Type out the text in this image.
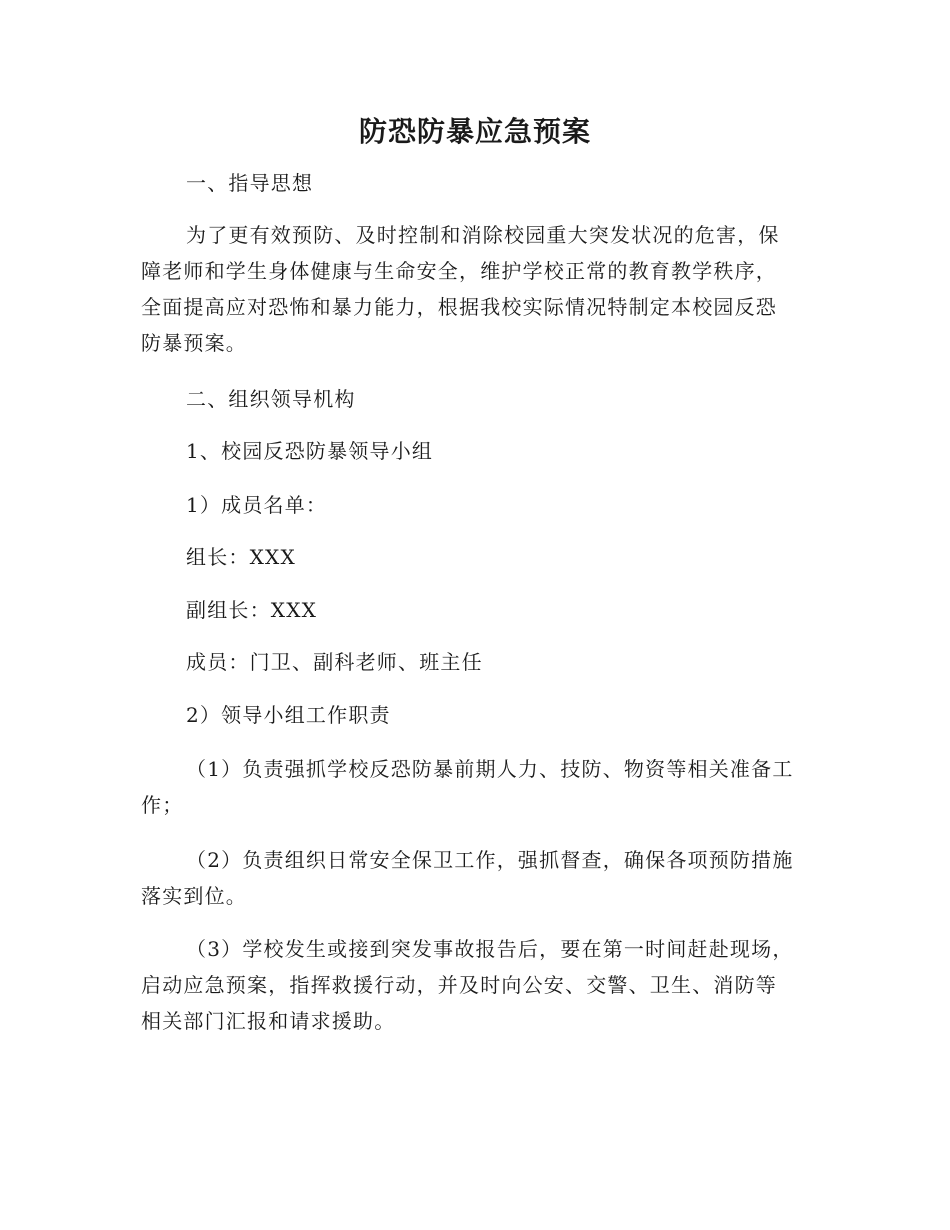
防恐防暴应急预案
一、指导思想
为了更有效预防、及时控制和消除校园重大突发状况的危害，保
障老师和学生身体健康与生命安全，维护学校正常的教育教学秩序，
全面提高应对恐怖和暴力能力，根据我校实际情况特制定本校园反恐
防暴预案。
二、组织领导机构
1、校园反恐防暴领导小组
1）成员名单：
组长：XXX
副组长：XXX
成员：门卫、副科老师、班主任
2）领导小组工作职责
（1）负责强抓学校反恐防暴前期人力、技防、物资等相关准备工
作；
（2）负责组织日常安全保卫工作，强抓督查，确保各项预防措施
落实到位。
（3）学校发生或接到突发事故报告后，要在第一时间赶赴现场，
启动应急预案，指挥救援行动，并及时向公安、交警、卫生、消防等
相关部门汇报和请求援助。
